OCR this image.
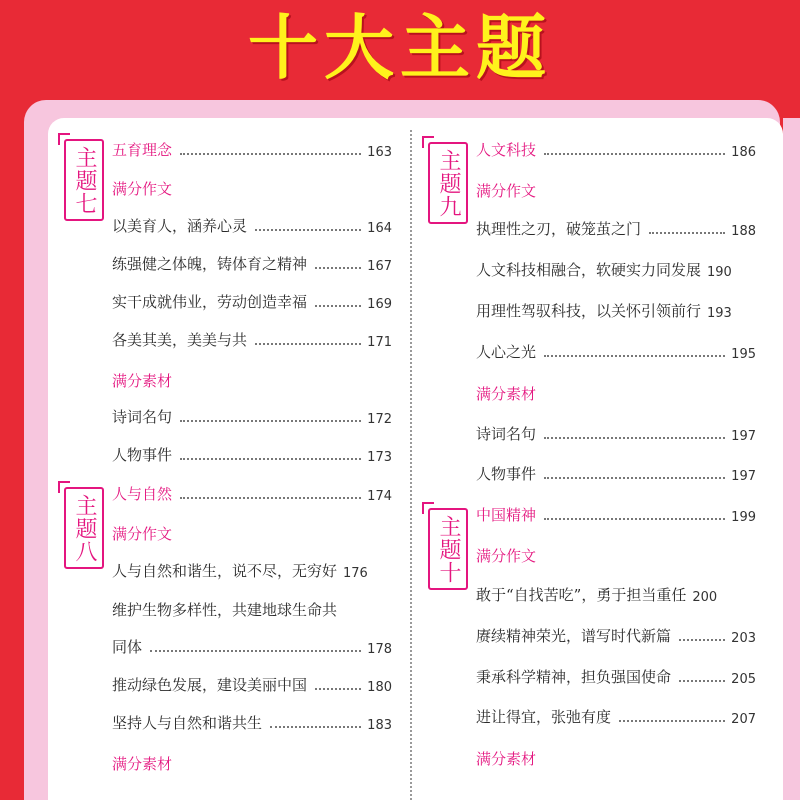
十大主题
主题七 五育理念	163
满分作文
以美育人，涵养心灵	164
练强健之体魄，铸体育之精神	167
实干成就伟业，劳动创造幸福	169
各美其美，美美与共	171
满分素材
诗词名句	172
人物事件	173
主题八 人与自然	174
满分作文
人与自然和谐生，说不尽，无穷好 176
维护生物多样性，共建地球生命共
同体	178
推动绿色发展，建设美丽中国	180
坚持人与自然和谐共生	183
满分素材
主题九 人文科技	186
满分作文
执理性之刃，破笼茧之门	188
人文科技相融合，软硬实力同发展 190
用理性驾驭科技，以关怀引领前行 193
人心之光	195
满分素材
诗词名句	197
人物事件	197
主题十 中国精神	199
满分作文
敢于“自找苦吃”，勇于担当重任 200
赓续精神荣光，谱写时代新篇	203
秉承科学精神，担负强国使命	205
进让得宜，张弛有度	207
满分素材
